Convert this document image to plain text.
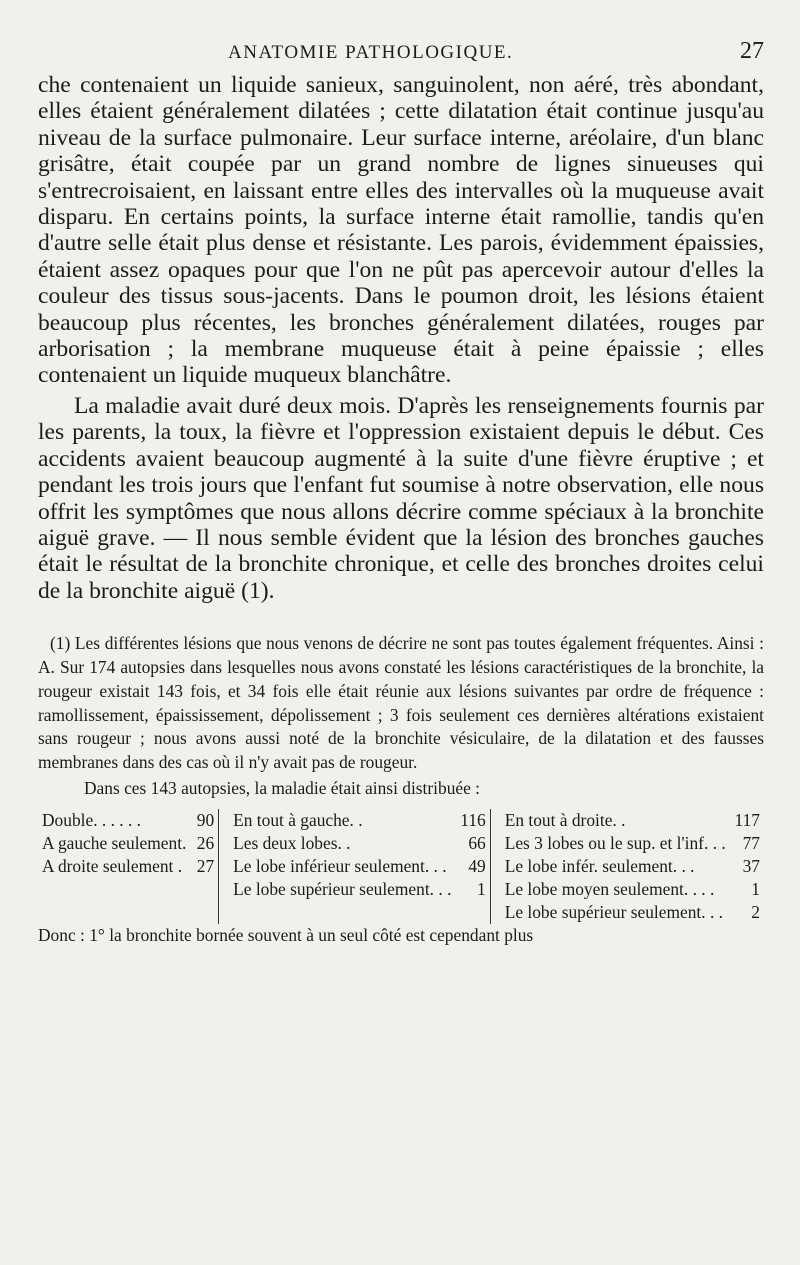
ANATOMIE PATHOLOGIQUE.	27

che contenaient un liquide sanieux, sanguinolent, non aéré, très abondant, elles étaient généralement dilatées ; cette dilatation était continue jusqu'au niveau de la surface pulmonaire. Leur surface interne, aréolaire, d'un blanc grisâtre, était coupée par un grand nombre de lignes sinueuses qui s'entrecroisaient, en laissant entre elles des intervalles où la muqueuse avait disparu. En certains points, la surface interne était ramollie, tandis qu'en d'autre selle était plus dense et résistante. Les parois, évidemment épaissies, étaient assez opaques pour que l'on ne pût pas apercevoir autour d'elles la couleur des tissus sous-jacents. Dans le poumon droit, les lésions étaient beaucoup plus récentes, les bronches généralement dilatées, rouges par arborisation ; la membrane muqueuse était à peine épaissie ; elles contenaient un liquide muqueux blanchâtre.

La maladie avait duré deux mois. D'après les renseignements fournis par les parents, la toux, la fièvre et l'oppression existaient depuis le début. Ces accidents avaient beaucoup augmenté à la suite d'une fièvre éruptive ; et pendant les trois jours que l'enfant fut soumise à notre observation, elle nous offrit les symptômes que nous allons décrire comme spéciaux à la bronchite aiguë grave. — Il nous semble évident que la lésion des bronches gauches était le résultat de la bronchite chronique, et celle des bronches droites celui de la bronchite aiguë (1).

(1) Les différentes lésions que nous venons de décrire ne sont pas toutes également fréquentes. Ainsi : A. Sur 174 autopsies dans lesquelles nous avons constaté les lésions caractéristiques de la bronchite, la rougeur existait 143 fois, et 34 fois elle était réunie aux lésions suivantes par ordre de fréquence : ramollissement, épaississement, dépolissement ; 3 fois seulement ces dernières altérations existaient sans rougeur ; nous avons aussi noté de la bronchite vésiculaire, de la dilatation et des fausses membranes dans des cas où il n'y avait pas de rougeur.

Dans ces 143 autopsies, la maladie était ainsi distribuée :

Double. . . . . .	90	En tout à gauche. .	116	En tout à droite. .	117
A gauche seulement.	26	Les deux lobes. .	66	Les 3 lobes ou le sup. et l'inf. . .	77
A droite seulement .	27	Le lobe inférieur seulement. . .	49	Le lobe infér. seulement. . .	37
		Le lobe supérieur seulement. . .	1	Le lobe moyen seulement. . . .	1
				Le lobe supérieur seulement. . .	2

Donc : 1° la bronchite bornée souvent à un seul côté est cependant plus
